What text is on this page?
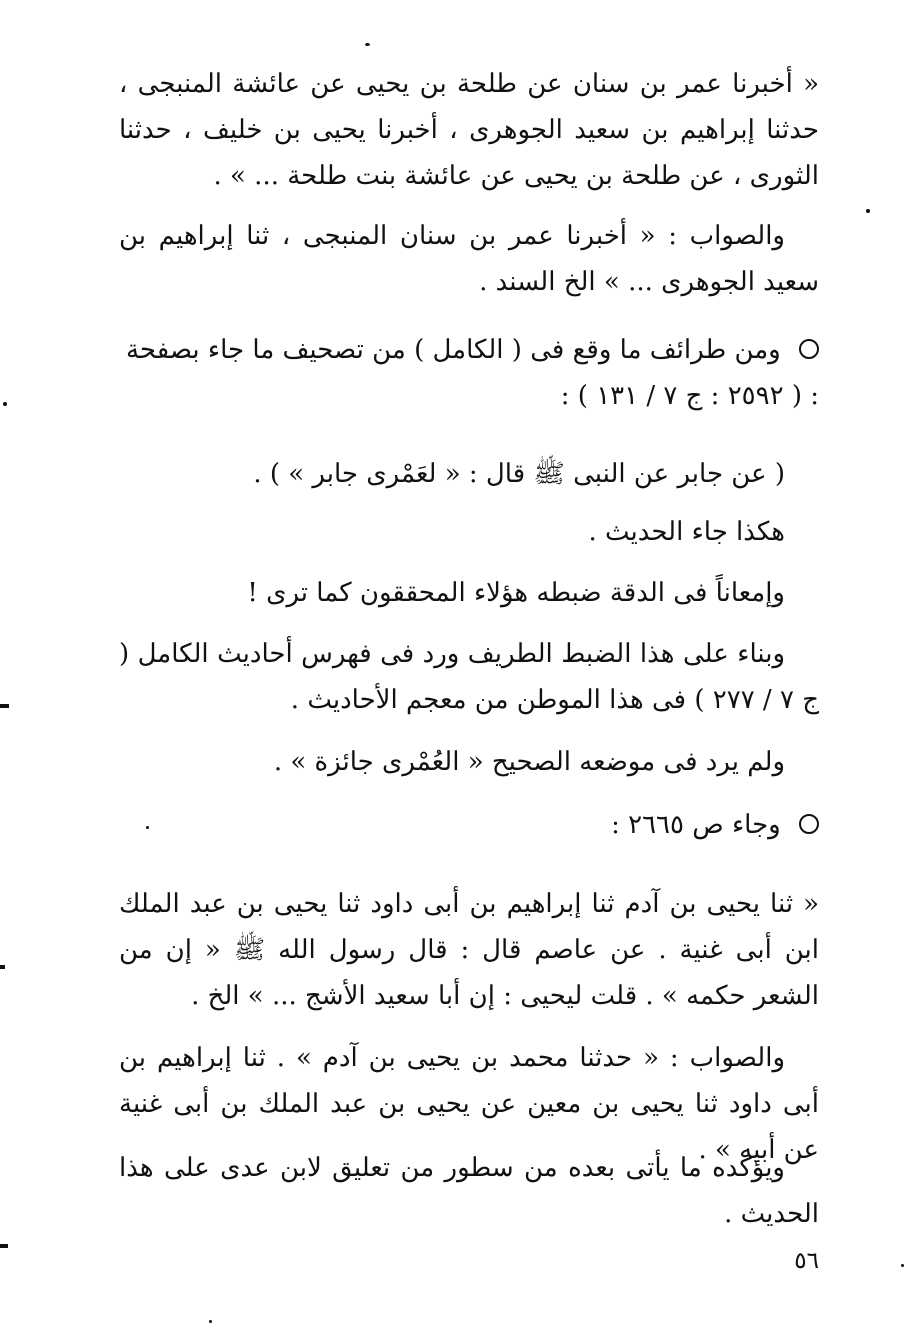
« أخبرنا عمر بن سنان عن طلحة بن يحيى عن عائشة المنبجى ، حدثنا إبراهيم بن سعيد الجوهرى ، أخبرنا يحيى بن خليف ، حدثنا الثورى ، عن طلحة بن يحيى عن عائشة بنت طلحة ... » .
والصواب : « أخبرنا عمر بن سنان المنبجى ، ثنا إبراهيم بن سعيد الجوهرى ... » الخ السند .
ومن طرائف ما وقع فى ( الكامل ) من تصحيف ما جاء بصفحة : ( ٢٥٩٢ : ج ٧ / ١٣١ ) :
( عن جابر عن النبى ﷺ قال : « لعَمْرى جابر » ) .
هكذا جاء الحديث .
وإمعاناً فى الدقة ضبطه هؤلاء المحققون كما ترى !
وبناء على هذا الضبط الطريف ورد فى فهرس أحاديث الكامل ( ج ٧ / ٢٧٧ ) فى هذا الموطن من معجم الأحاديث .
ولم يرد فى موضعه الصحيح « العُمْرى جائزة » .
وجاء ص ٢٦٦٥ :
« ثنا يحيى بن آدم ثنا إبراهيم بن أبى داود ثنا يحيى بن عبد الملك ابن أبى غنية . عن عاصم قال : قال رسول الله ﷺ « إن من الشعر حكمه » . قلت ليحيى : إن أبا سعيد الأشج ... » الخ .
والصواب : « حدثنا محمد بن يحيى بن آدم » . ثنا إبراهيم بن أبى داود ثنا يحيى بن معين عن يحيى بن عبد الملك بن أبى غنية عن أبيه » .
ويؤكده ما يأتى بعده من سطور من تعليق لابن عدى على هذا الحديث .
٥٦
